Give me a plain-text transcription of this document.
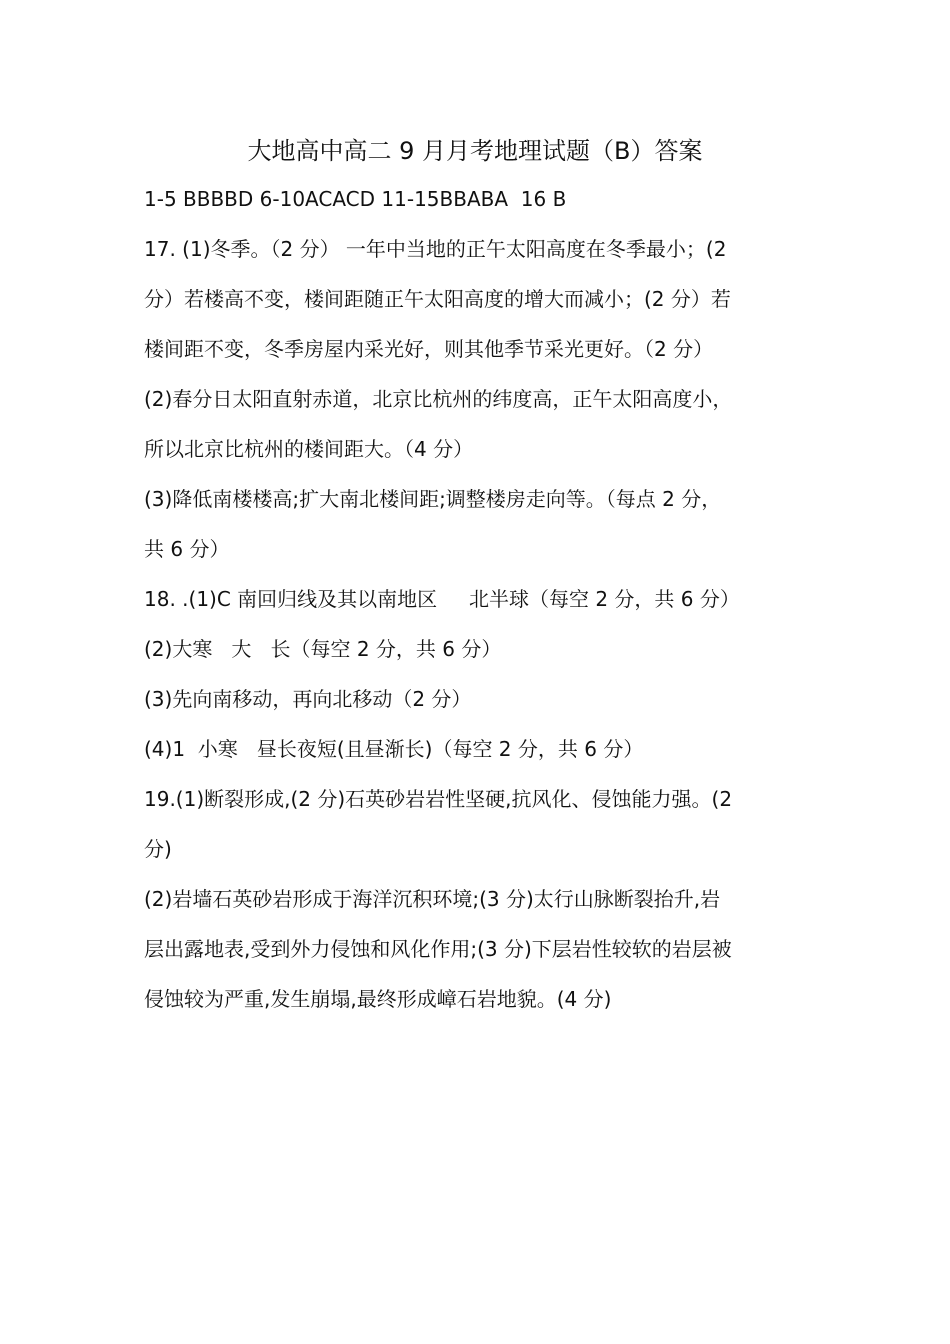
大地高中高二 9 月月考地理试题（B）答案
1-5 BBBBD 6-10ACACD 11-15BBABA  16 B
17. (1)冬季。（2 分） 一年中当地的正午太阳高度在冬季最小；(2
分）若楼高不变，楼间距随正午太阳高度的增大而减小；(2 分）若
楼间距不变，冬季房屋内采光好，则其他季节采光更好。（2 分）
(2)春分日太阳直射赤道，北京比杭州的纬度高，正午太阳高度小，
所以北京比杭州的楼间距大。（4 分）
(3)降低南楼楼高;扩大南北楼间距;调整楼房走向等。（每点 2 分，
共 6 分）
18. .(1)C 南回归线及其以南地区     北半球（每空 2 分，共 6 分）
(2)大寒   大   长（每空 2 分，共 6 分）
(3)先向南移动，再向北移动（2 分）
(4)1  小寒   昼长夜短(且昼渐长)（每空 2 分，共 6 分）
19.(1)断裂形成,(2 分)石英砂岩岩性坚硬,抗风化、侵蚀能力强。(2
分)
(2)岩墙石英砂岩形成于海洋沉积环境;(3 分)太行山脉断裂抬升,岩
层出露地表,受到外力侵蚀和风化作用;(3 分)下层岩性较软的岩层被
侵蚀较为严重,发生崩塌,最终形成嶂石岩地貌。(4 分)
